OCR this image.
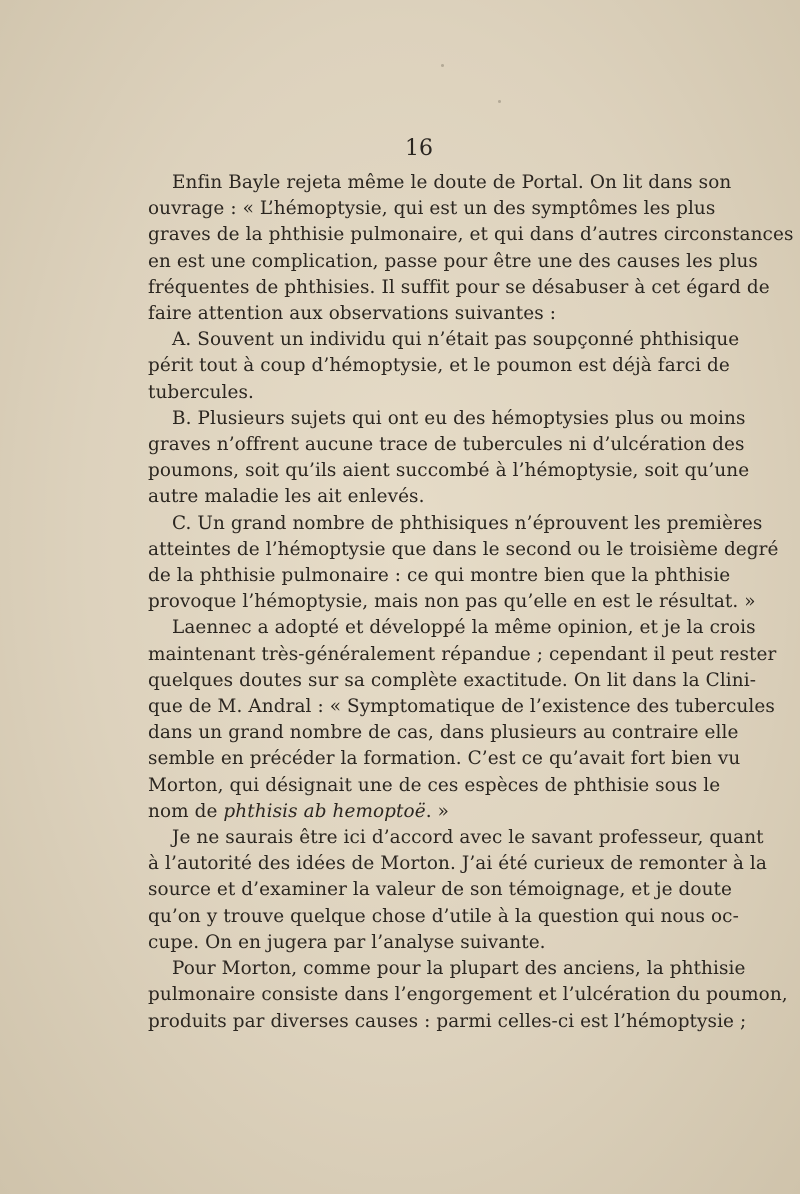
16
Enfin Bayle rejeta même le doute de Portal. On lit dans son
ouvrage : « L’hémoptysie, qui est un des symptômes les plus
graves de la phthisie pulmonaire, et qui dans d’autres circonstances
en est une complication, passe pour être une des causes les plus
fréquentes de phthisies. Il suffit pour se désabuser à cet égard de
faire attention aux observations suivantes :
A. Souvent un individu qui n’était pas soupçonné phthisique
périt tout à coup d’hémoptysie, et le poumon est déjà farci de
tubercules.
B. Plusieurs sujets qui ont eu des hémoptysies plus ou moins
graves n’offrent aucune trace de tubercules ni d’ulcération des
poumons, soit qu’ils aient succombé à l’hémoptysie, soit qu’une
autre maladie les ait enlevés.
C. Un grand nombre de phthisiques n’éprouvent les premières
atteintes de l’hémoptysie que dans le second ou le troisième degré
de la phthisie pulmonaire : ce qui montre bien que la phthisie
provoque l’hémoptysie, mais non pas qu’elle en est le résultat. »
Laennec a adopté et développé la même opinion, et je la crois
maintenant très-généralement répandue ; cependant il peut rester
quelques doutes sur sa complète exactitude. On lit dans la Clini-
que de M. Andral : « Symptomatique de l’existence des tubercules
dans un grand nombre de cas, dans plusieurs au contraire elle
semble en précéder la formation. C’est ce qu’avait fort bien vu
Morton, qui désignait une de ces espèces de phthisie sous le
nom de phthisis ab hemoptoë. »
Je ne saurais être ici d’accord avec le savant professeur, quant
à l’autorité des idées de Morton. J’ai été curieux de remonter à la
source et d’examiner la valeur de son témoignage, et je doute
qu’on y trouve quelque chose d’utile à la question qui nous oc-
cupe. On en jugera par l’analyse suivante.
Pour Morton, comme pour la plupart des anciens, la phthisie
pulmonaire consiste dans l’engorgement et l’ulcération du poumon,
produits par diverses causes : parmi celles-ci est l’hémoptysie ;
